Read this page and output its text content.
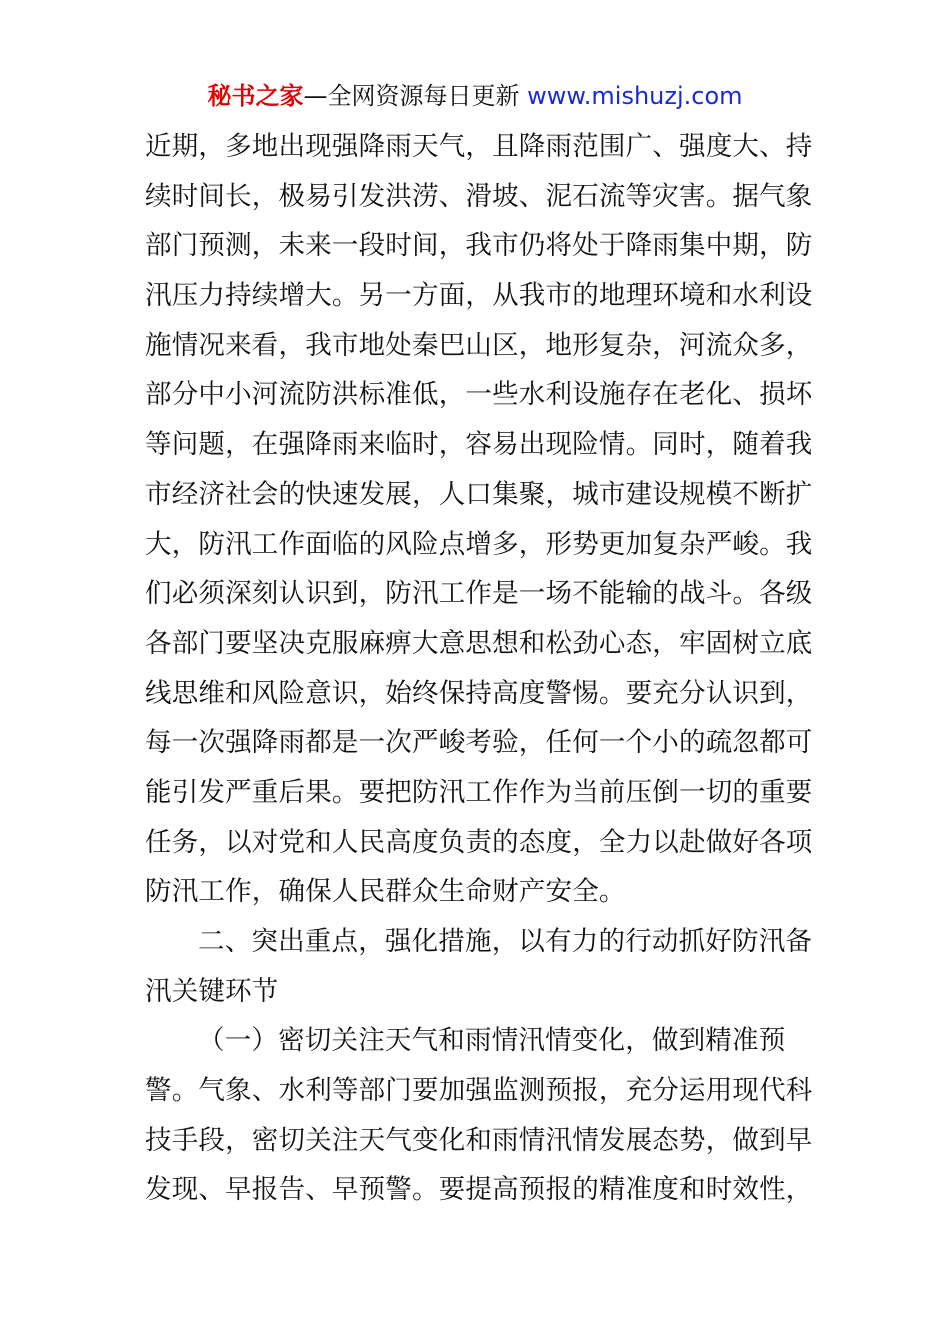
秘书之家—全网资源每日更新 www.mishuzj.com
近期，多地出现强降雨天气，且降雨范围广、强度大、持
续时间长，极易引发洪涝、滑坡、泥石流等灾害。据气象
部门预测，未来一段时间，我市仍将处于降雨集中期，防
汛压力持续增大。另一方面，从我市的地理环境和水利设
施情况来看，我市地处秦巴山区，地形复杂，河流众多，
部分中小河流防洪标准低，一些水利设施存在老化、损坏
等问题，在强降雨来临时，容易出现险情。同时，随着我
市经济社会的快速发展，人口集聚，城市建设规模不断扩
大，防汛工作面临的风险点增多，形势更加复杂严峻。我
们必须深刻认识到，防汛工作是一场不能输的战斗。各级
各部门要坚决克服麻痹大意思想和松劲心态，牢固树立底
线思维和风险意识，始终保持高度警惕。要充分认识到，
每一次强降雨都是一次严峻考验，任何一个小的疏忽都可
能引发严重后果。要把防汛工作作为当前压倒一切的重要
任务，以对党和人民高度负责的态度，全力以赴做好各项
防汛工作，确保人民群众生命财产安全。
二、突出重点，强化措施，以有力的行动抓好防汛备
汛关键环节
（一）密切关注天气和雨情汛情变化，做到精准预
警。气象、水利等部门要加强监测预报，充分运用现代科
技手段，密切关注天气变化和雨情汛情发展态势，做到早
发现、早报告、早预警。要提高预报的精准度和时效性，
